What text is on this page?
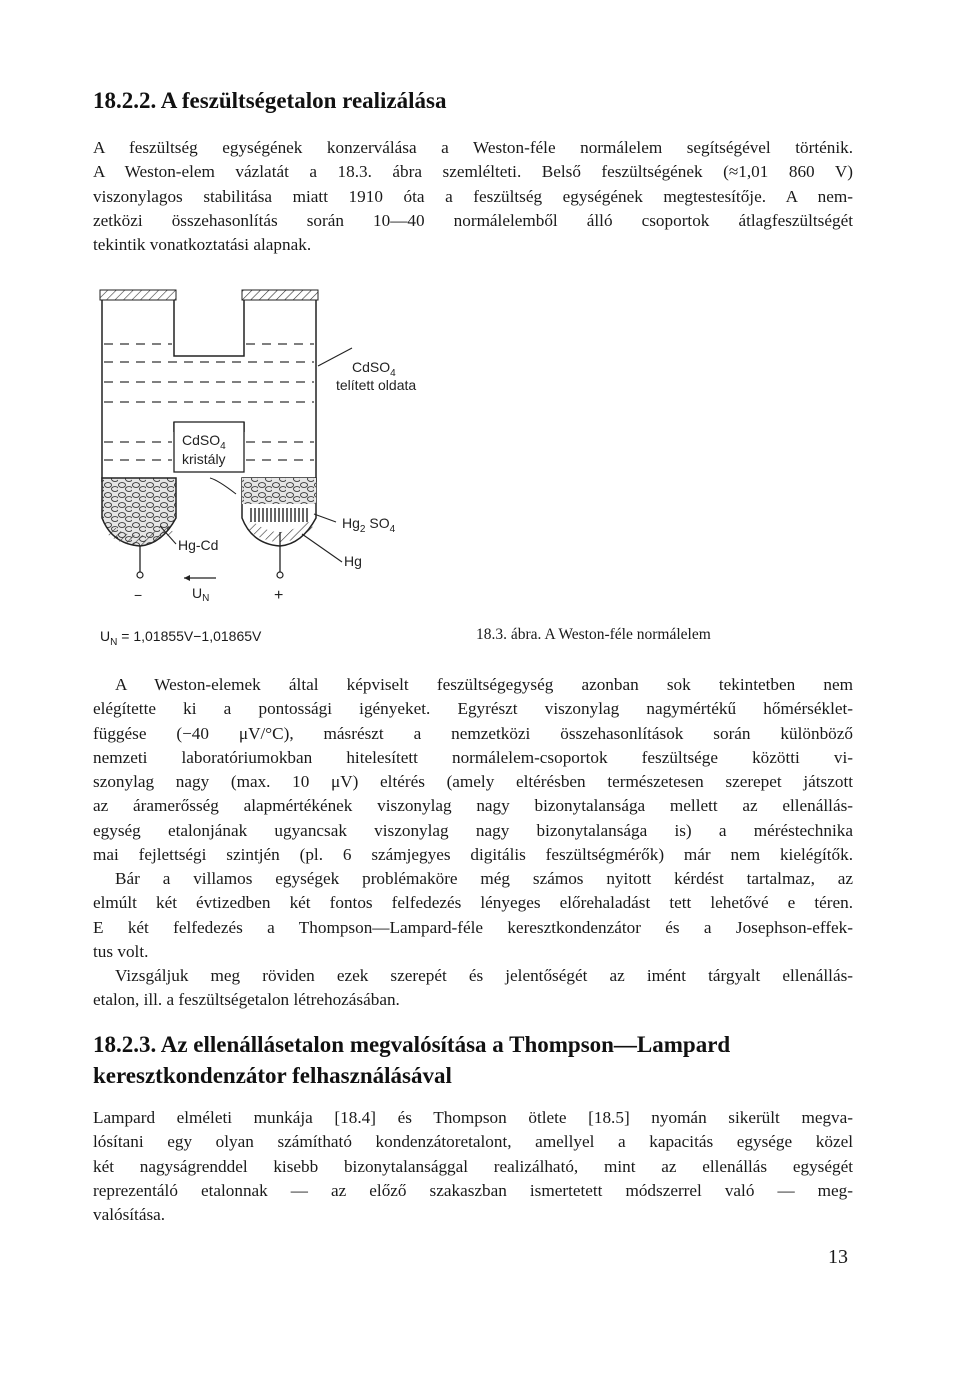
18.2.2. A feszültségetalon realizálása
A feszültség egységének konzerválása a Weston-féle normálelem segítségével történik.
A Weston-elem vázlatát a 18.3. ábra szemlélteti. Belső feszültségének (≈1,01 860 V)
viszonylagos stabilitása miatt 1910 óta a feszültség egységének megtestesítője. A nem-
zetközi összehasonlítás során 10—40 normálelemből álló csoportok átlagfeszültségét
tekintik vonatkoztatási alapnak.
CdSO$_4$
telített oldata
CdSO$_4$
kristály
$Hg_2$ $SO_4$
Hg
Hg-Cd
−	+
$U_N$

$U_N = 1,01855V-1,01865V$	18.3. ábra. A Weston-féle normálelem

A Weston-elemek által képviselt feszültségegység azonban sok tekintetben nem
elégítette ki a pontossági igényeket. Egyrészt viszonylag nagymértékű hőmérséklet-
függése (−40 μV/°C), másrészt a nemzetközi összehasonlítások során különböző
nemzeti laboratóriumokban hitelesített normálelem-csoportok feszültsége közötti vi-
szonylag nagy (max. 10 μV) eltérés (amely eltérésben természetesen szerepet játszott
az áramerősség alapmértékének viszonylag nagy bizonytalansága mellett az ellenállás-
egység etalonjának ugyancsak viszonylag nagy bizonytalansága is) a méréstechnika
mai fejlettségi szintjén (pl. 6 számjegyes digitális feszültségmérők) már nem kielégítők.
Bár a villamos egységek problémaköre még számos nyitott kérdést tartalmaz, az
elmúlt két évtizedben két fontos felfedezés lényeges előrehaladást tett lehetővé e téren.
E két felfedezés a Thompson—Lampard-féle keresztkondenzátor és a Josephson-effek-
tus volt.
Vizsgáljuk meg röviden ezek szerepét és jelentőségét az imént tárgyalt ellenállás-
etalon, ill. a feszültségetalon létrehozásában.
18.2.3. Az ellenállásetalon megvalósítása a Thompson—Lampard
keresztkondenzátor felhasználásával
Lampard elméleti munkája [18.4] és Thompson ötlete [18.5] nyomán sikerült megva-
lósítani egy olyan számítható kondenzátoretalont, amellyel a kapacitás egysége közel
két nagyságrenddel kisebb bizonytalansággal realizálható, mint az ellenállás egységét
reprezentáló etalonnak — az előző szakaszban ismertetett módszerrel való — meg-
valósítása.

13
